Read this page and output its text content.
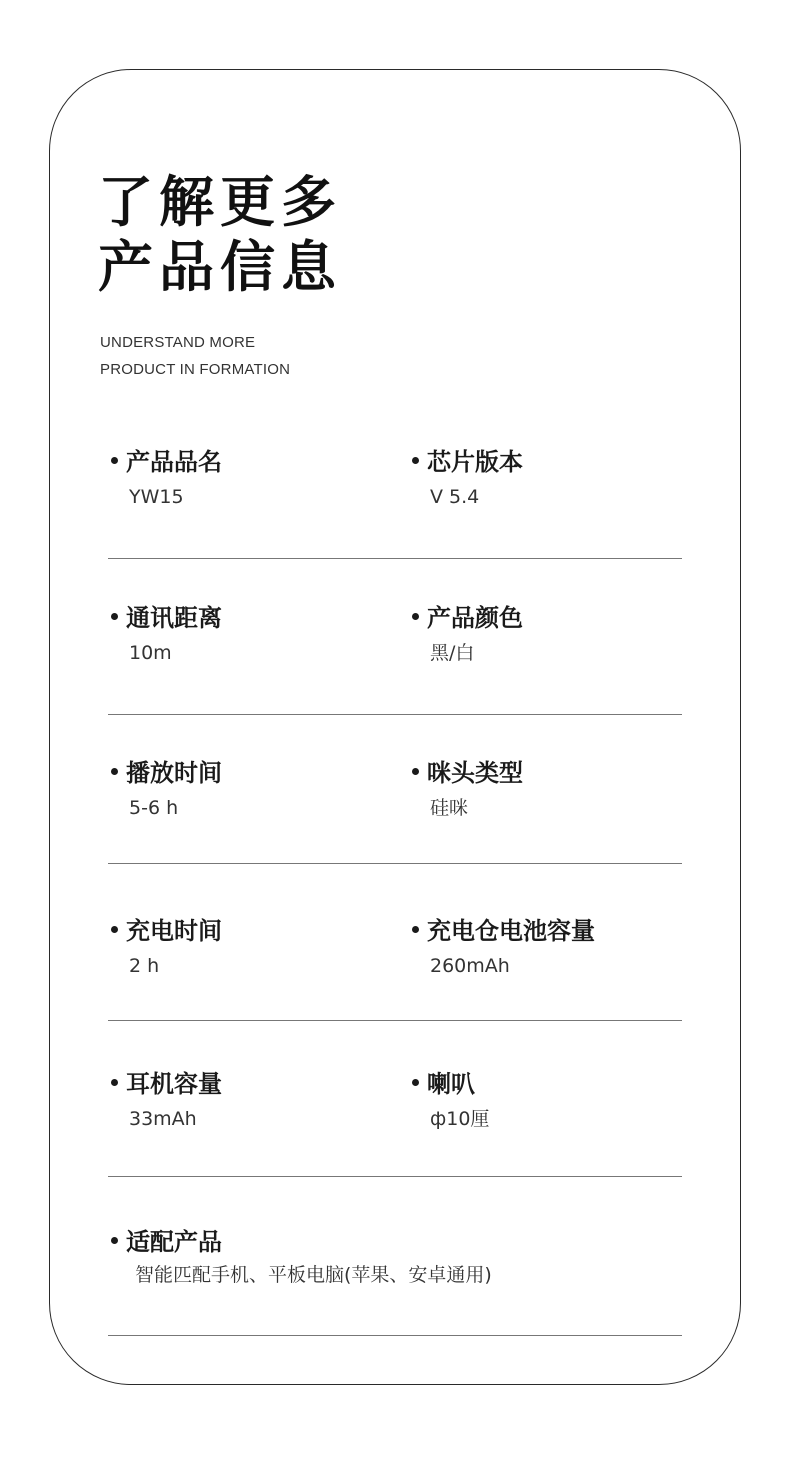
了解更多
产品信息
UNDERSTAND MORE
PRODUCT IN FORMATION
产品品名
YW15
芯片版本
V 5.4
通讯距离
10m
产品颜色
黑/白
播放时间
5-6 h
咪头类型
硅咪
充电时间
2 h
充电仓电池容量
260mAh
耳机容量
33mAh
喇叭
ф10厘
适配产品
智能匹配手机、平板电脑(苹果、安卓通用)
